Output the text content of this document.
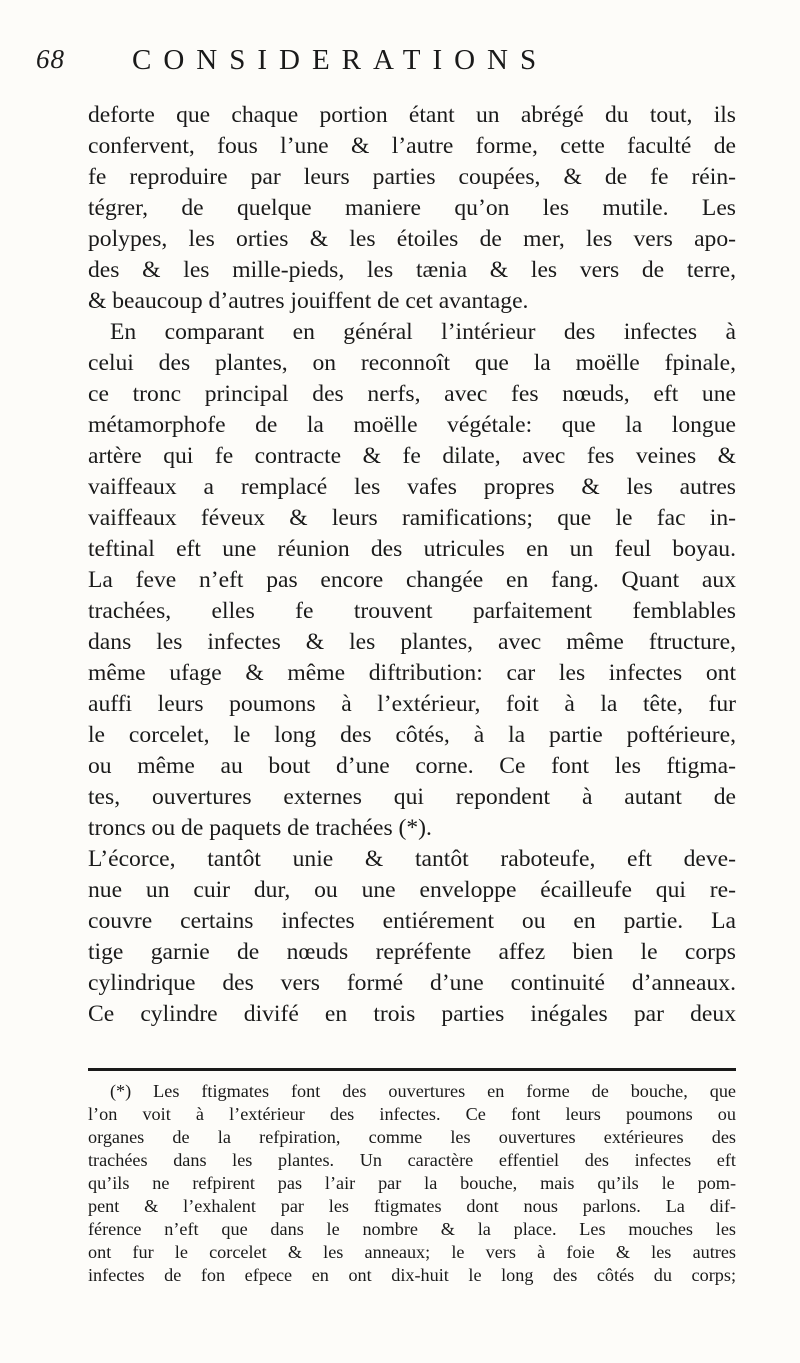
68 CONSIDERATIONS
deforte que chaque portion étant un abrégé du tout, ils
confervent, fous l’une & l’autre forme, cette faculté de
fe reproduire par leurs parties coupées, & de fe réin-
tégrer, de quelque maniere qu’on les mutile. Les
polypes, les orties & les étoiles de mer, les vers apo-
des & les mille-pieds, les tænia & les vers de terre,
& beaucoup d’autres jouiffent de cet avantage.
En comparant en général l’intérieur des infectes à
celui des plantes, on reconnoît que la moëlle fpinale,
ce tronc principal des nerfs, avec fes nœuds, eft une
métamorphofe de la moëlle végétale: que la longue
artère qui fe contracte & fe dilate, avec fes veines &
vaiffeaux a remplacé les vafes propres & les autres
vaiffeaux féveux & leurs ramifications; que le fac in-
teftinal eft une réunion des utricules en un feul boyau.
La feve n’eft pas encore changée en fang. Quant aux
trachées, elles fe trouvent parfaitement femblables
dans les infectes & les plantes, avec même ftructure,
même ufage & même diftribution: car les infectes ont
auffi leurs poumons à l’extérieur, foit à la tête, fur
le corcelet, le long des côtés, à la partie poftérieure,
ou même au bout d’une corne. Ce font les ftigma-
tes, ouvertures externes qui repondent à autant de
troncs ou de paquets de trachées (*).
L’écorce, tantôt unie & tantôt raboteufe, eft deve-
nue un cuir dur, ou une enveloppe écailleufe qui re-
couvre certains infectes entiérement ou en partie. La
tige garnie de nœuds repréfente affez bien le corps
cylindrique des vers formé d’une continuité d’anneaux.
Ce cylindre divifé en trois parties inégales par deux
(*) Les ftigmates font des ouvertures en forme de bouche, que
l’on voit à l’extérieur des infectes. Ce font leurs poumons ou
organes de la refpiration, comme les ouvertures extérieures des
trachées dans les plantes. Un caractère effentiel des infectes eft
qu’ils ne refpirent pas l’air par la bouche, mais qu’ils le pom-
pent & l’exhalent par les ftigmates dont nous parlons. La dif-
férence n’eft que dans le nombre & la place. Les mouches les
ont fur le corcelet & les anneaux; le vers à foie & les autres
infectes de fon efpece en ont dix-huit le long des côtés du corps;
